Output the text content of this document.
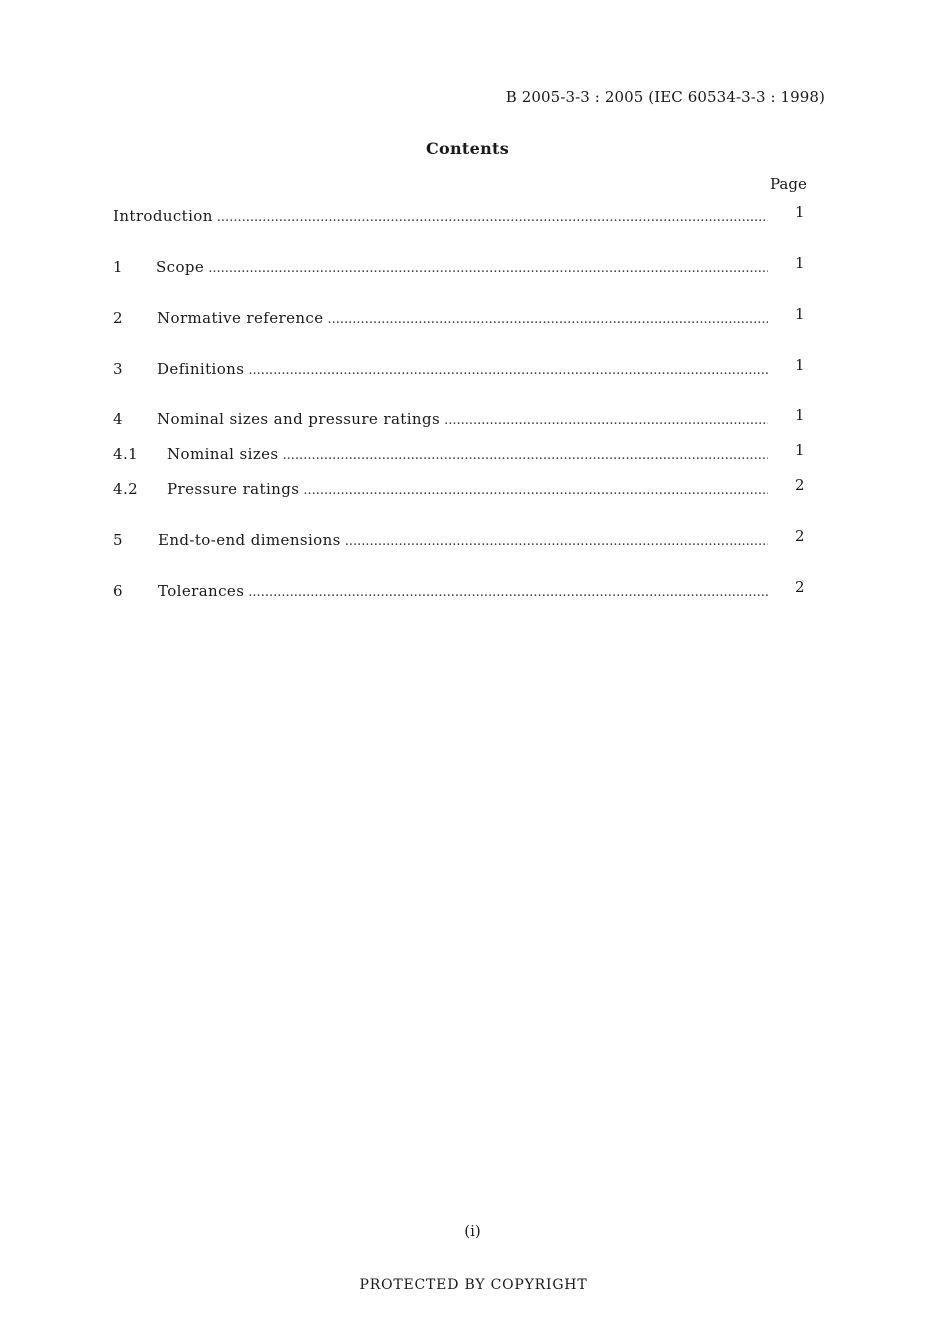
B 2005-3-3 : 2005 (IEC 60534-3-3 : 1998)
Contents
Page
Introduction .....	1
1 Scope .....	1
2 Normative reference .....	1
3 Definitions .....	1
4 Nominal sizes and pressure ratings .....	1
4.1 Nominal sizes .....	1
4.2 Pressure ratings .....	2
5 End-to-end dimensions .....	2
6 Tolerances .....	2
(i)
PROTECTED BY COPYRIGHT
